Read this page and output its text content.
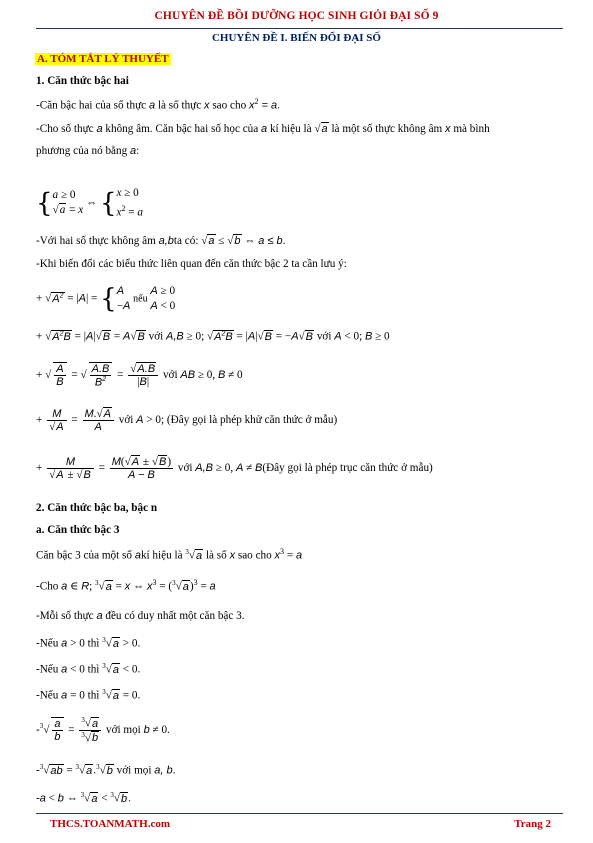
CHUYÊN ĐỀ BỒI DƯỠNG HỌC SINH GIỎI ĐẠI SỐ 9
CHUYÊN ĐỀ I. BIẾN ĐỔI ĐẠI SỐ
A. TÓM TẮT LÝ THUYẾT
1. Căn thức bậc hai
-Căn bậc hai của số thực a là số thực x sao cho $x^2 = a$.
-Cho số thực a không âm. Căn bậc hai số học của a kí hiệu là √a là một số thực không âm x mà bình
phương của nó bằng a:
{a ≥ 0
√a = x ⇔ {x ≥ 0
$x^2 = a$
-Với hai số thực không âm a,bta có: √a ≤ √b ⇔ a ≤ b.
-Khi biến đổi các biểu thức liên quan đến căn thức bậc 2 ta cần lưu ý:
+ $√A^2 = |A| = \{A$
−A nếu A ≥ 0
A < 0
+ $√A^2B = |A|√B = A√B$ với A,B ≥ 0; $√A^2B = |A|√B = -A√B$ với A < 0; B ≥ 0
+ √ $\frac{A}{B}$ = √ $\frac{A.B}{B^2} = \frac{√A.B}{|B|}$ với AB ≥ 0, B ≠ 0
+ $\frac{M}{√A} = \frac{M.√A}{A}$ với A > 0; (Đây gọi là phép khử căn thức ở mẫu)
+ $\frac{M}{√A \pm √B} = \frac{M(√A \pm √B)}{A - B}$ với A,B ≥ 0, A ≠ B(Đây gọi là phép trục căn thức ở mẫu)
2. Căn thức bậc ba, bậc n
a. Căn thức bậc 3
Căn bậc 3 của một số akí hiệu là $^3$√a là số x sao cho $x^3 = a$
-Cho a ∈ R; $^3$√a = x ⇔ $x^3 = (^3√a)^3 = a$
-Mỗi số thực a đều có duy nhất một căn bậc 3.
-Nếu a > 0 thì $^3$√a > 0.
-Nếu a < 0 thì $^3$√a < 0.
-Nếu a = 0 thì $^3$√a = 0.
$-^3√ \frac{a}{b} = \frac{^3√a}{^3√b}$ với mọi b ≠ 0.
-$^3$√ab = $^3$√a.$^3$√b với mọi a, b.
-a < b ⇔ $^3$√a < $^3$√b.
THCS.TOANMATH.com	Trang 2
